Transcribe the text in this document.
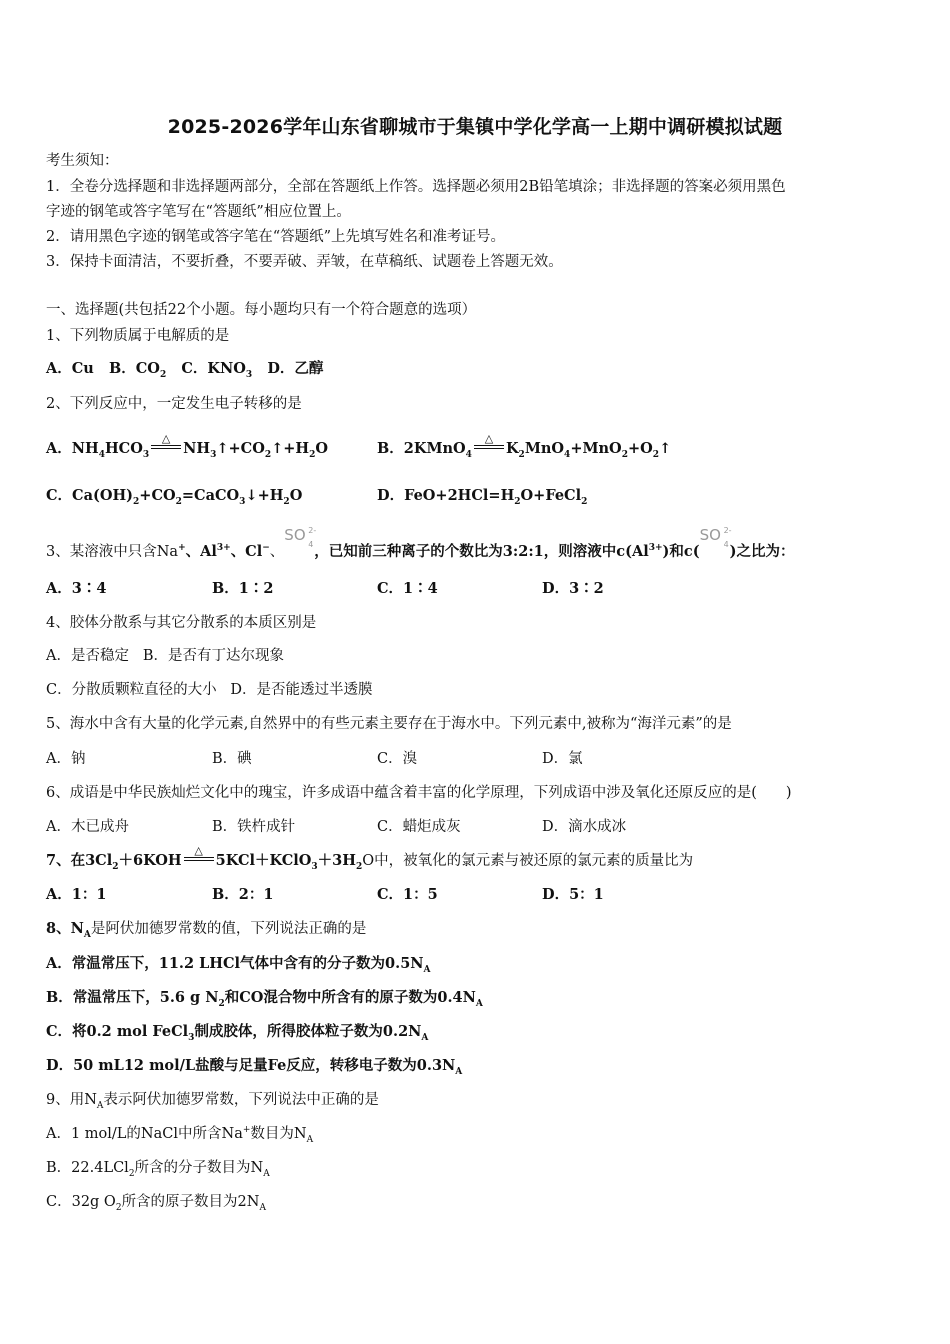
2025-2026学年山东省聊城市于集镇中学化学高一上期中调研模拟试题
考生须知：
1．全卷分选择题和非选择题两部分，全部在答题纸上作答。选择题必须用2B铅笔填涂；非选择题的答案必须用黑色
字迹的钢笔或答字笔写在“答题纸”相应位置上。
2．请用黑色字迹的钢笔或答字笔在“答题纸”上先填写姓名和准考证号。
3．保持卡面清洁，不要折叠，不要弄破、弄皱，在草稿纸、试题卷上答题无效。
一、选择题(共包括22个小题。每小题均只有一个符合题意的选项）
1、下列物质属于电解质的是
A．Cu B．$CO_2$ C．$KNO_3$ D．乙醇
2、下列反应中，一定发生电子转移的是
A．$NH_4HCO_3$
△
$NH_3↑+CO_2↑+H_2O$	B．2KMnO$_4$
△
$K_2MnO_4+MnO_2+O_2↑$
C．$Ca(OH)_2+CO_2=CaCO_3↓+H_2O$	D．$FeO+2HCl=H_2O+FeCl_2$
3、某溶液中只含Na+、$Al^{3+}$、Cl−、
SO 2-
4 ，已知前三种离子的个数比为3:2:1，则溶液中$c(Al^{3+})$和c(
SO 2-
4 )之比为：
A．3∶4	B．1∶2	C．1∶4	D．3∶2
4、胶体分散系与其它分散系的本质区别是
A．是否稳定 B．是否有丁达尔现象
C．分散质颗粒直径的大小 D．是否能透过半透膜
5、海水中含有大量的化学元素,自然界中的有些元素主要存在于海水中。下列元素中,被称为“海洋元素”的是
A．钠	B．碘	C．溴	D．氯
6、成语是中华民族灿烂文化中的瑰宝，许多成语中蕴含着丰富的化学原理，下列成语中涉及氧化还原反应的是(　　)
A．木已成舟	B．铁杵成针	C．蜡炬成灰	D．滴水成冰
7、在$3Cl_2+6KOH$
△
$5KCl+KClO_3+3H_2O$中，被氧化的氯元素与被还原的氯元素的质量比为
A．1：1	B．2：1	C．1：5	D．5：1
8、$N_A$是阿伏加德罗常数的值，下列说法正确的是
A．常温常压下，11.2 LHCl气体中含有的分子数为$0.5N_A$
B．常温常压下，5.6 g $N_2$和CO混合物中所含有的原子数为$0.4N_A$
C．将0.2 mol FeCl$_3$制成胶体，所得胶体粒子数为$0.2N_A$
D．50 mL12 mol/L盐酸与足量Fe反应，转移电子数为$0.3N_A$
9、用$N_A$表示阿伏加德罗常数，下列说法中正确的是
A．1 mol/L的NaCl中所含Na+数目为$N_A$
B．22.4LCl$_2$所含的分子数目为$N_A$
C．32g $O_2$所含的原子数目为$2N_A$
